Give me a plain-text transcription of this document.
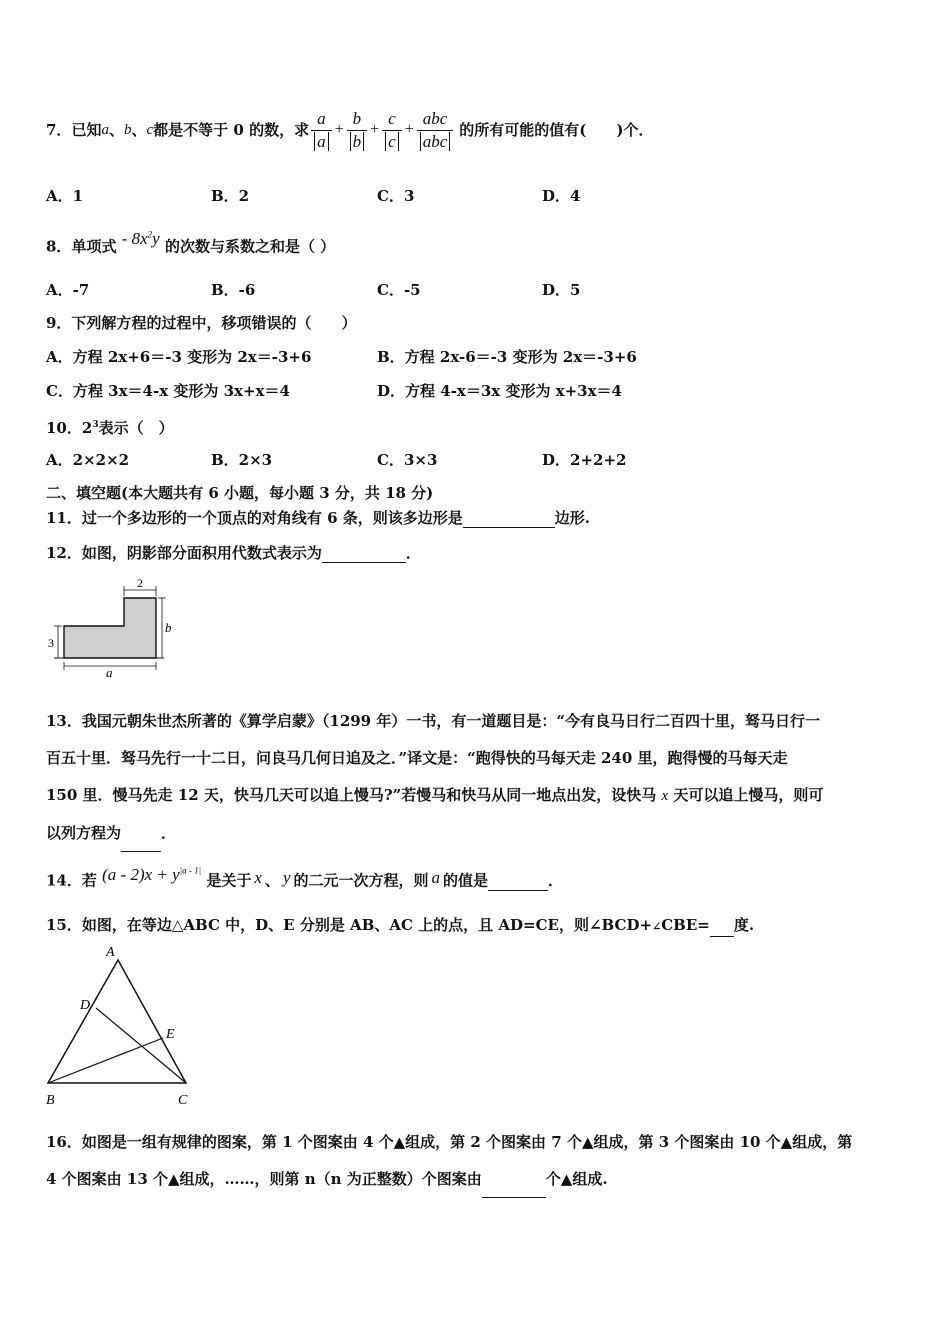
7． 已知 a 、 b 、 c 都是不等于
0
的数，求 $\frac{a}{a} + \frac{b}{b} + \frac{c}{c} + \frac{\text{abc}}{\text{abc}}$ 的所有可能的值有(　　)个．
A．1	B．2	C．3	D．4
8．单项式 - $8x^2y$ 的次数与系数之和是（ ）
A．-7	B．-6	C．-5	D．5
9．下列解方程的过程中，移项错误的（　　）
A．方程 2x+6＝-3 变形为 2x＝-3+6	B．方程 2x-6＝-3 变形为 2x＝-3+6
C．方程 3x＝4-x 变形为 3x+x＝4	D．方程 4-x＝3x 变形为 x+3x＝4
10．$2^3$表示（　）
A．2×2×2	B．2×3	C．3×3	D．2+2+2
二、填空题(本大题共有 6 小题，每小题 3 分，共 18 分)
11．过一个多边形的一个顶点的对角线有 6 条，则该多边形是	边形.
12．如图，阴影部分面积用代数式表示为	．
2
b
3
a
13．我国元朝朱世杰所著的《算学启蒙》（1299 年）一书，有一道题目是：“今有良马日行二百四十里，驽马日行一
百五十里．驽马先行一十二日，问良马几何日追及之．”译文是：“跑得快的马每天走 240 里，跑得慢的马每天走
150 里．慢马先走 12 天，快马几天可以追上慢马?”若慢马和快马从同一地点出发，设快马 x 天可以追上慢马，则可
以列方程为	．
14．若 $(a - 2)x + y^{|a - 1|}$ 是关于 x 、 y 的二元一次方程，则 a 的值是	．
15．如图，在等边△ABC 中，D、E 分别是 AB、AC 上的点，且 AD=CE，则∠BCD+∠CBE= 度.
A
D
E
B	C
16．如图是一组有规律的图案，第 1 个图案由 4 个▲组成，第 2 个图案由 7 个▲组成，第 3 个图案由 10 个▲组成，第
4 个图案由 13 个▲组成，……，则第 n（n 为正整数）个图案由	个▲组成.
